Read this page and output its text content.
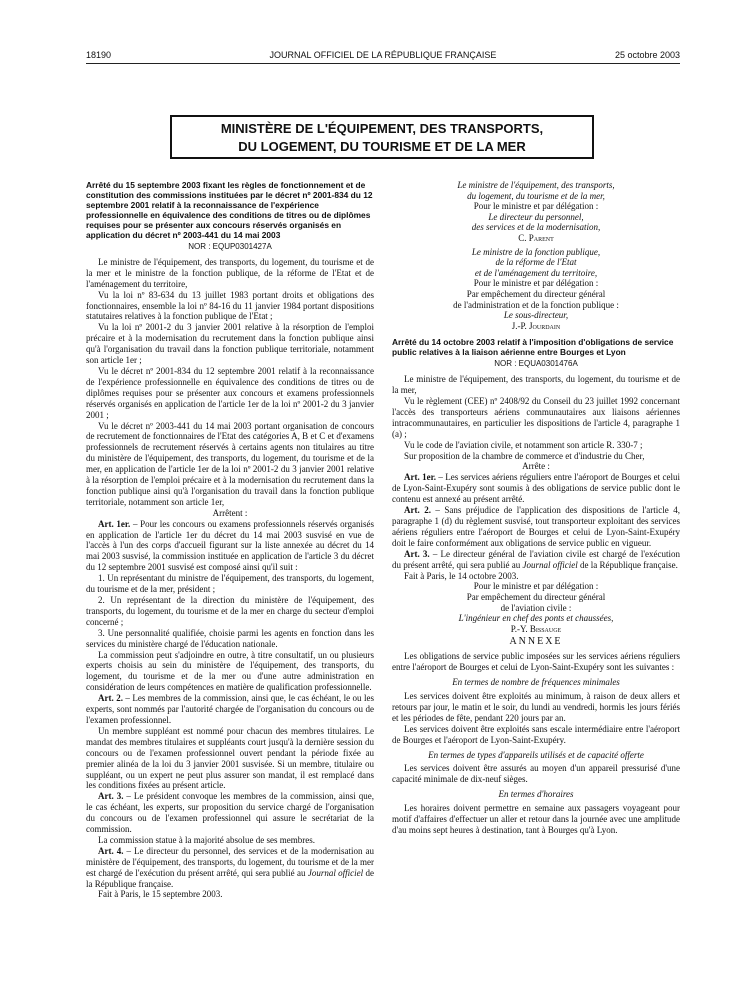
18190	JOURNAL OFFICIEL DE LA RÉPUBLIQUE FRANÇAISE	25 octobre 2003
MINISTÈRE DE L'ÉQUIPEMENT, DES TRANSPORTS,
DU LOGEMENT, DU TOURISME ET DE LA MER
Arrêté du 15 septembre 2003 fixant les règles de fonctionnement et de constitution des commissions instituées par le décret nº 2001-834 du 12 septembre 2001 relatif à la reconnaissance de l'expérience professionnelle en équivalence des conditions de titres ou de diplômes requises pour se présenter aux concours réservés organisés en application du décret nº 2003-441 du 14 mai 2003
NOR : EQUP0301427A
Le ministre de l'équipement, des transports, du logement, du tourisme et de la mer et le ministre de la fonction publique, de la réforme de l'Etat et de l'aménagement du territoire,
Vu la loi nº 83-634 du 13 juillet 1983 portant droits et obligations des fonctionnaires, ensemble la loi nº 84-16 du 11 janvier 1984 portant dispositions statutaires relatives à la fonction publique de l'Etat ;
Vu la loi nº 2001-2 du 3 janvier 2001 relative à la résorption de l'emploi précaire et à la modernisation du recrutement dans la fonction publique ainsi qu'à l'organisation du travail dans la fonction publique territoriale, notamment son article 1er ;
Vu le décret nº 2001-834 du 12 septembre 2001 relatif à la reconnaissance de l'expérience professionnelle en équivalence des conditions de titres ou de diplômes requises pour se présenter aux concours et examens professionnels réservés organisés en application de l'article 1er de la loi nº 2001-2 du 3 janvier 2001 ;
Vu le décret nº 2003-441 du 14 mai 2003 portant organisation de concours de recrutement de fonctionnaires de l'Etat des catégories A, B et C et d'examens professionnels de recrutement réservés à certains agents non titulaires au titre du ministère de l'équipement, des transports, du logement, du tourisme et de la mer, en application de l'article 1er de la loi nº 2001-2 du 3 janvier 2001 relative à la résorption de l'emploi précaire et à la modernisation du recrutement dans la fonction publique ainsi qu'à l'organisation du travail dans la fonction publique territoriale, notamment son article 1er,
Arrêtent :
Art. 1er. – Pour les concours ou examens professionnels réservés organisés en application de l'article 1er du décret du 14 mai 2003 susvisé en vue de l'accès à l'un des corps d'accueil figurant sur la liste annexée au décret du 14 mai 2003 susvisé, la commission instituée en application de l'article 3 du décret du 12 septembre 2001 susvisé est composé ainsi qu'il suit :
1. Un représentant du ministre de l'équipement, des transports, du logement, du tourisme et de la mer, président ;
2. Un représentant de la direction du ministère de l'équipement, des transports, du logement, du tourisme et de la mer en charge du secteur d'emploi concerné ;
3. Une personnalité qualifiée, choisie parmi les agents en fonction dans les services du ministère chargé de l'éducation nationale.
La commission peut s'adjoindre en outre, à titre consultatif, un ou plusieurs experts choisis au sein du ministère de l'équipement, des transports, du logement, du tourisme et de la mer ou d'une autre administration en considération de leurs compétences en matière de qualification professionnelle.
Art. 2. – Les membres de la commission, ainsi que, le cas échéant, le ou les experts, sont nommés par l'autorité chargée de l'organisation du concours ou de l'examen professionnel.
Un membre suppléant est nommé pour chacun des membres titulaires. Le mandat des membres titulaires et suppléants court jusqu'à la dernière session du concours ou de l'examen professionnel ouvert pendant la période fixée au premier alinéa de la loi du 3 janvier 2001 susvisée. Si un membre, titulaire ou suppléant, ou un expert ne peut plus assurer son mandat, il est remplacé dans les conditions fixées au présent article.
Art. 3. – Le président convoque les membres de la commission, ainsi que, le cas échéant, les experts, sur proposition du service chargé de l'organisation du concours ou de l'examen professionnel qui assure le secrétariat de la commission.
La commission statue à la majorité absolue de ses membres.
Art. 4. – Le directeur du personnel, des services et de la modernisation au ministère de l'équipement, des transports, du logement, du tourisme et de la mer est chargé de l'exécution du présent arrêté, qui sera publié au Journal officiel de la République française.
Fait à Paris, le 15 septembre 2003.
Le ministre de l'équipement, des transports,
du logement, du tourisme et de la mer,
Pour le ministre et par délégation :
Le directeur du personnel,
des services et de la modernisation,
C. Parent
Le ministre de la fonction publique,
de la réforme de l'Etat
et de l'aménagement du territoire,
Pour le ministre et par délégation :
Par empêchement du directeur général
de l'administration et de la fonction publique :
Le sous-directeur,
J.-P. Jourdain
Arrêté du 14 octobre 2003 relatif à l'imposition d'obligations de service public relatives à la liaison aérienne entre Bourges et Lyon
NOR : EQUA0301476A
Le ministre de l'équipement, des transports, du logement, du tourisme et de la mer,
Vu le règlement (CEE) nº 2408/92 du Conseil du 23 juillet 1992 concernant l'accès des transporteurs aériens communautaires aux liaisons aériennes intracommunautaires, en particulier les dispositions de l'article 4, paragraphe 1 (a) ;
Vu le code de l'aviation civile, et notamment son article R. 330-7 ;
Sur proposition de la chambre de commerce et d'industrie du Cher,
Arrête :
Art. 1er. – Les services aériens réguliers entre l'aéroport de Bourges et celui de Lyon-Saint-Exupéry sont soumis à des obligations de service public dont le contenu est annexé au présent arrêté.
Art. 2. – Sans préjudice de l'application des dispositions de l'article 4, paragraphe 1 (d) du règlement susvisé, tout transporteur exploitant des services aériens réguliers entre l'aéroport de Bourges et celui de Lyon-Saint-Exupéry doit le faire conformément aux obligations de service public en vigueur.
Art. 3. – Le directeur général de l'aviation civile est chargé de l'exécution du présent arrêté, qui sera publié au Journal officiel de la République française.
Fait à Paris, le 14 octobre 2003.
Pour le ministre et par délégation :
Par empêchement du directeur général
de l'aviation civile :
L'ingénieur en chef des ponts et chaussées,
P.-Y. Bissauge
ANNEXE
Les obligations de service public imposées sur les services aériens réguliers entre l'aéroport de Bourges et celui de Lyon-Saint-Exupéry sont les suivantes :
En termes de nombre de fréquences minimales
Les services doivent être exploités au minimum, à raison de deux allers et retours par jour, le matin et le soir, du lundi au vendredi, hormis les jours fériés et les périodes de fête, pendant 220 jours par an.
Les services doivent être exploités sans escale intermédiaire entre l'aéroport de Bourges et l'aéroport de Lyon-Saint-Exupéry.
En termes de types d'appareils utilisés et de capacité offerte
Les services doivent être assurés au moyen d'un appareil pressurisé d'une capacité minimale de dix-neuf sièges.
En termes d'horaires
Les horaires doivent permettre en semaine aux passagers voyageant pour motif d'affaires d'effectuer un aller et retour dans la journée avec une amplitude d'au moins sept heures à destination, tant à Bourges qu'à Lyon.
